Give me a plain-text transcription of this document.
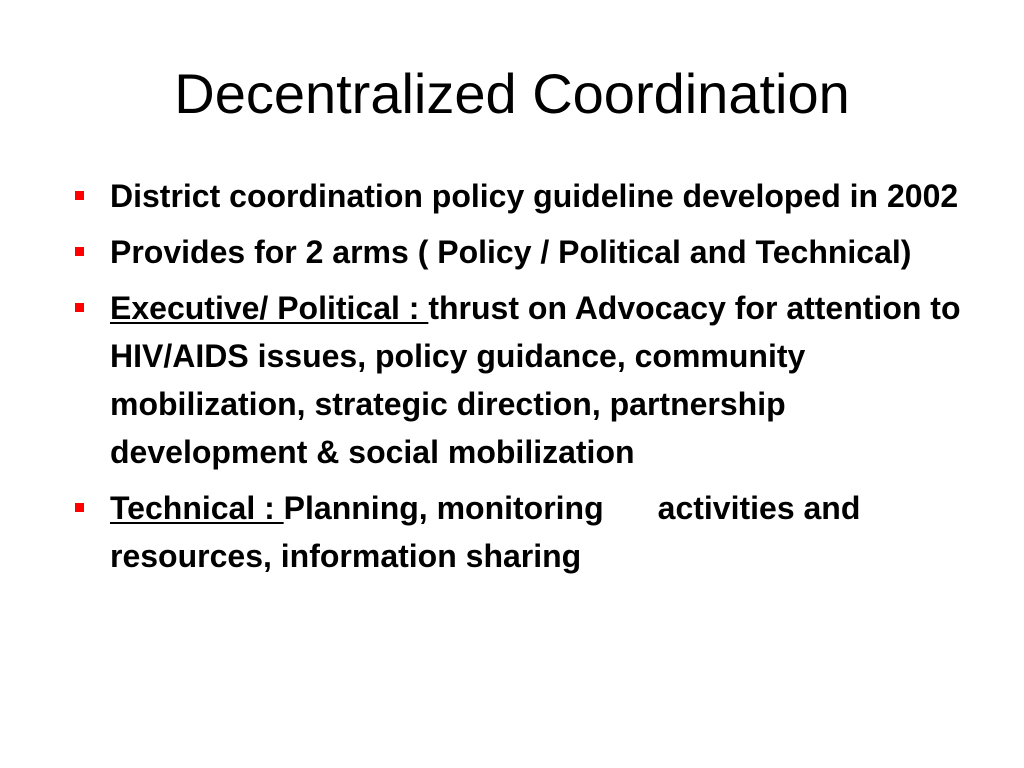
Decentralized Coordination
District coordination policy guideline developed in 2002
Provides for 2 arms ( Policy / Political and Technical)
Executive/ Political : thrust on Advocacy for attention to HIV/AIDS issues, policy guidance, community mobilization, strategic direction, partnership development & social mobilization
Technical : Planning, monitoring activities and resources, information sharing
